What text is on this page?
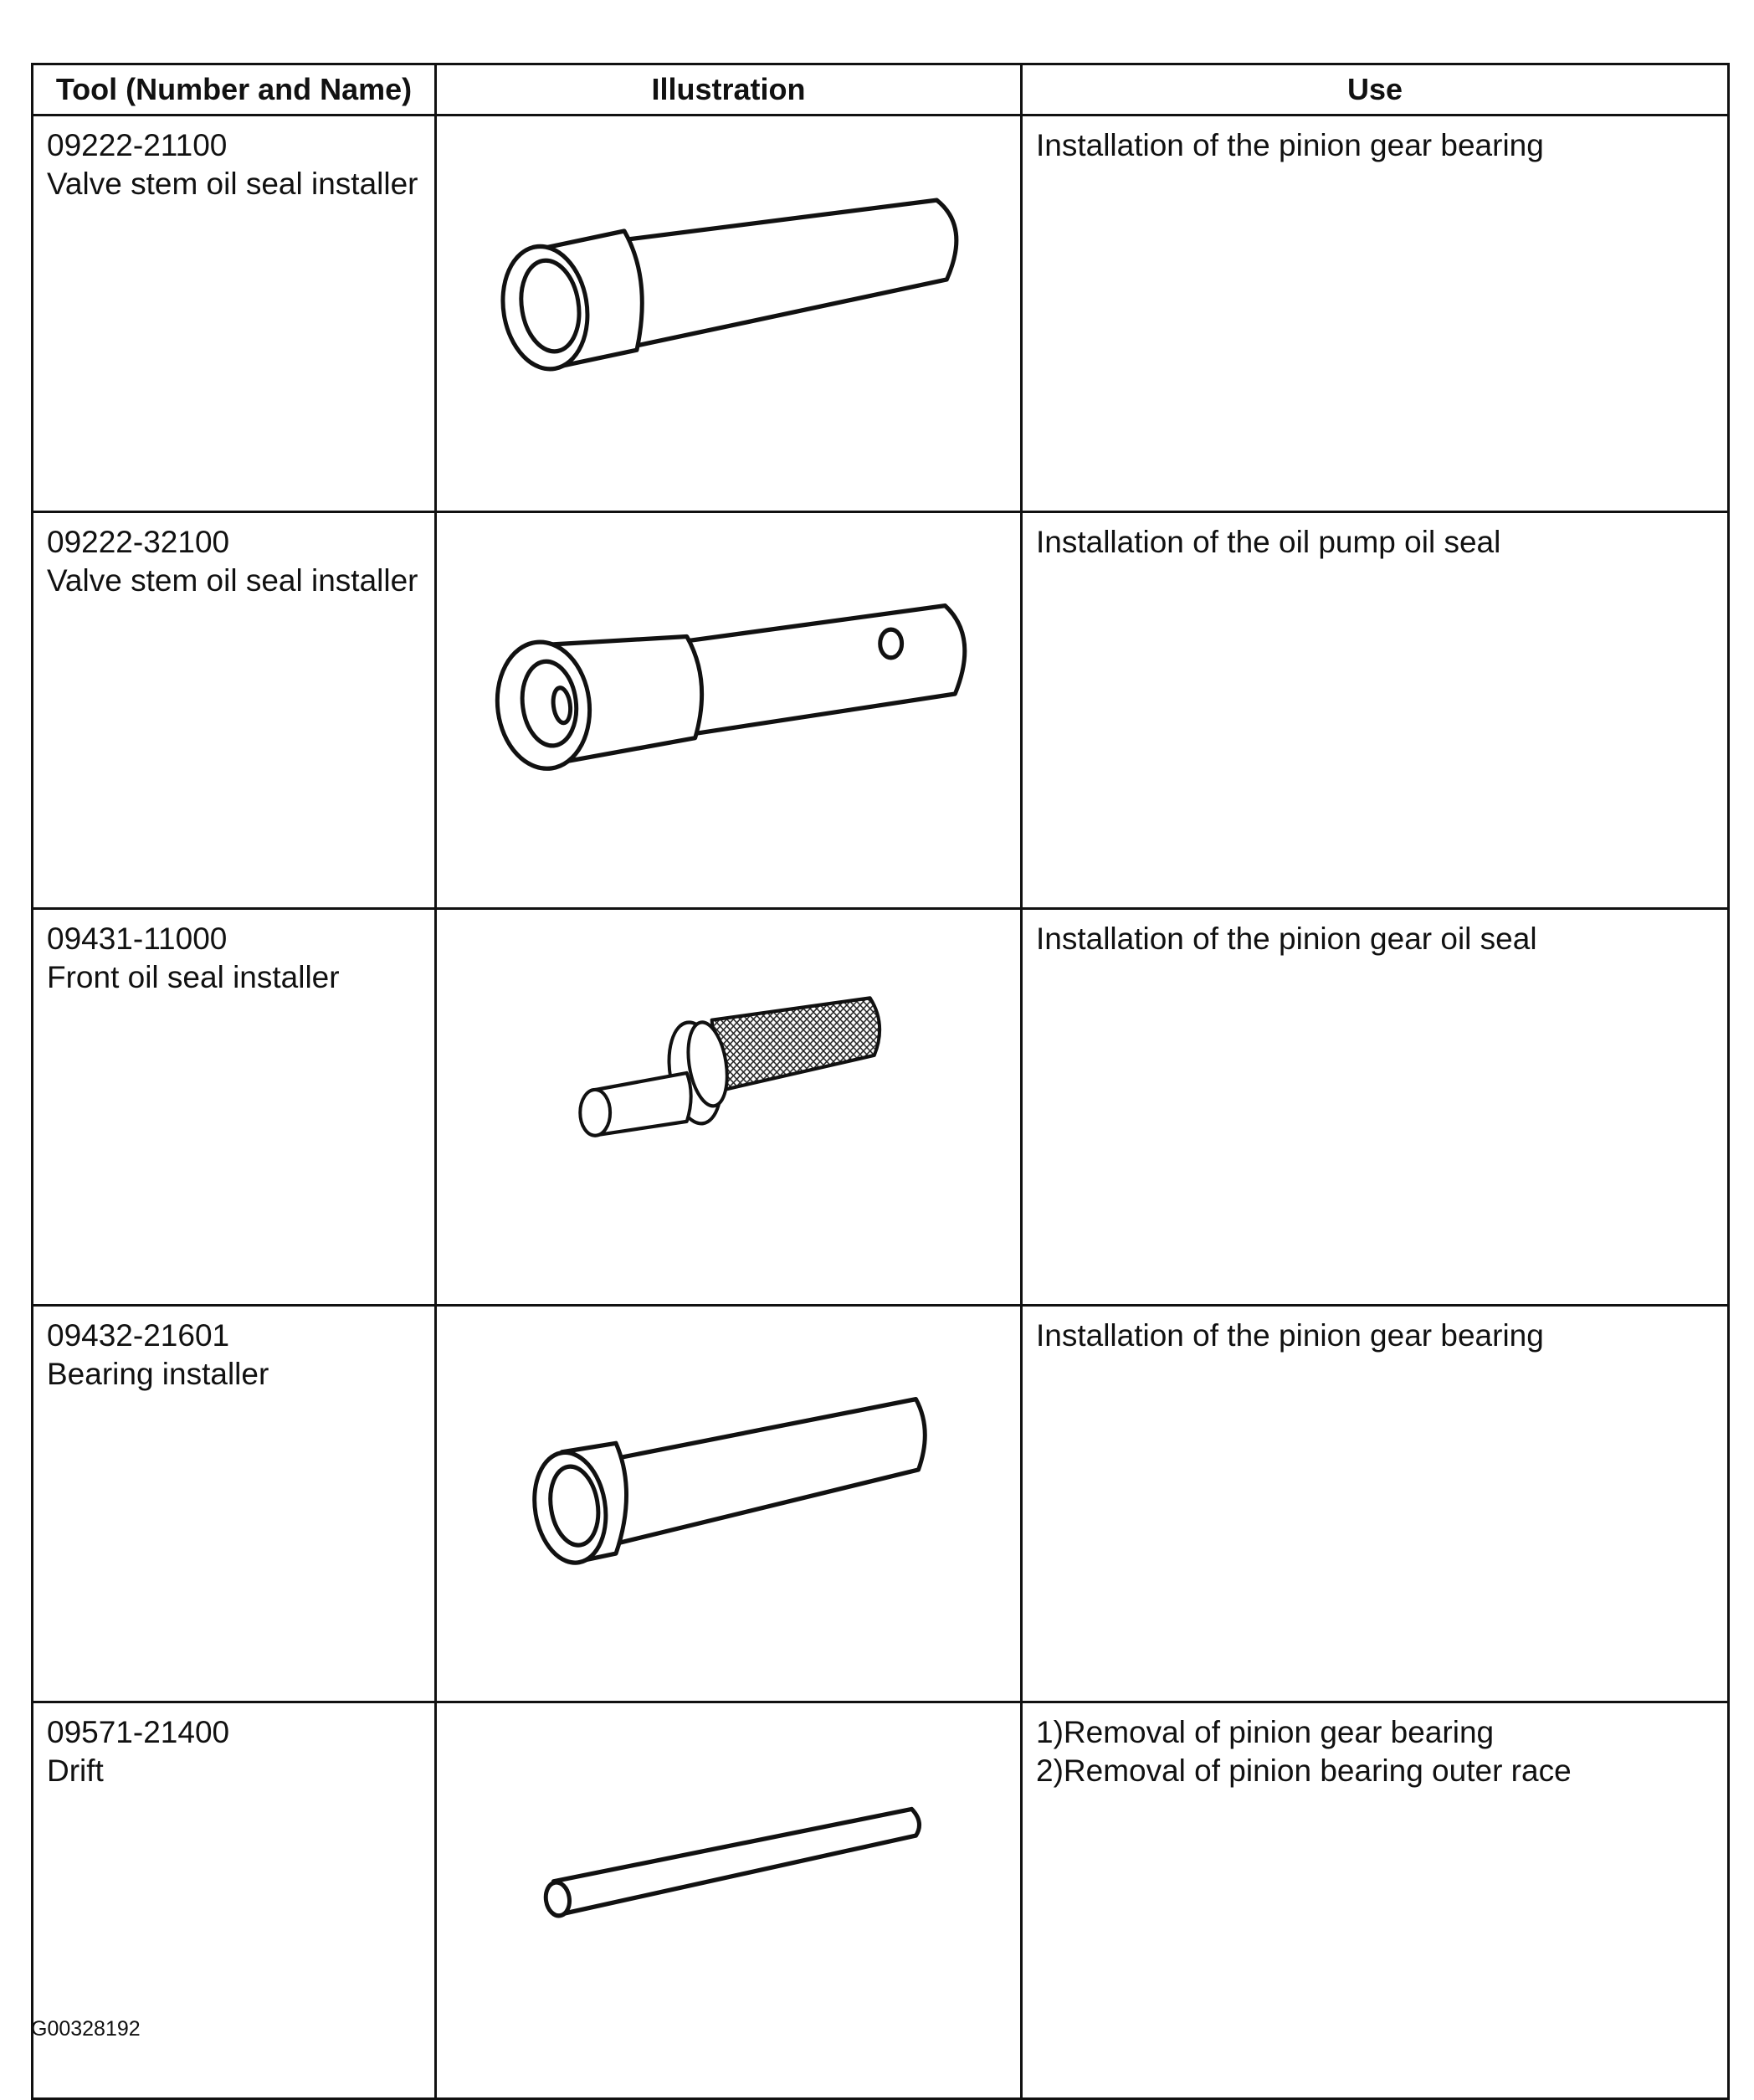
Tool (Number and Name)	Illustration	Use

09222-21100
Valve stem oil seal installer		Installation of the pinion gear bearing

09222-32100
Valve stem oil seal installer		Installation of the oil pump oil seal

09431-11000
Front oil seal installer		Installation of the pinion gear oil seal

09432-21601
Bearing installer		Installation of the pinion gear bearing

09571-21400
Drift		1)Removal of pinion gear bearing
2)Removal of pinion bearing outer race
G00328192
